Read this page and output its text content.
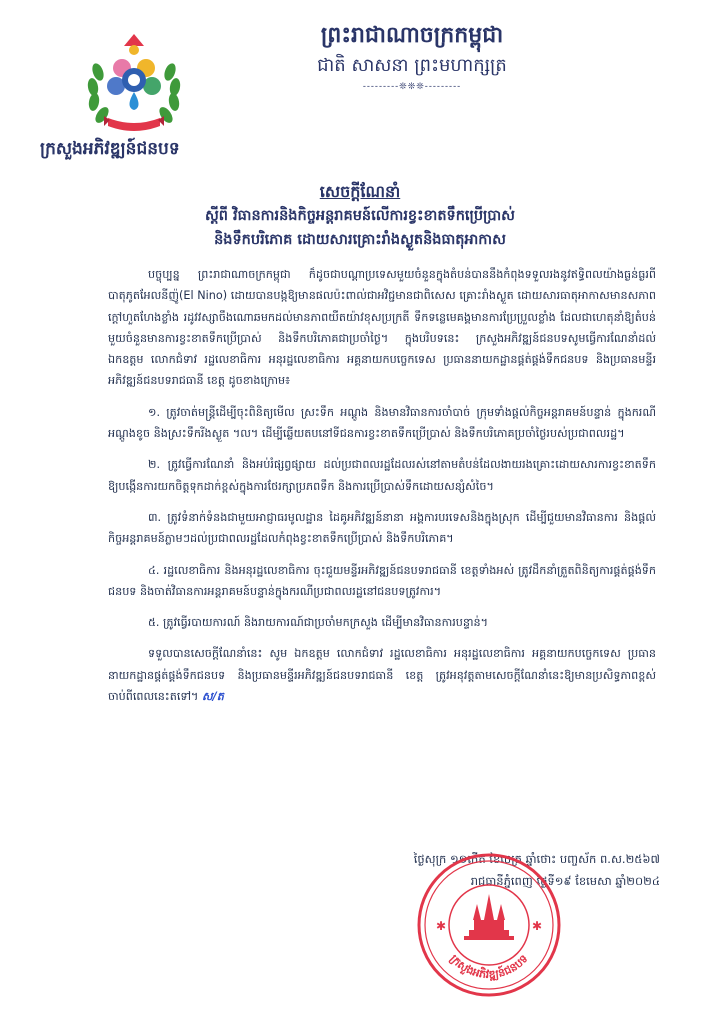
ព្រះរាជាណាចក្រកម្ពុជា
ជាតិ សាសនា ព្រះមហាក្សត្រ
---------❊❊❊---------
ក្រសួងអភិវឌ្ឍន៍ជនបទ
សេចក្ដីណែនាំ
ស្ដីពី វិធានការនិងកិច្ចអន្តរាគមន៍លើការខ្វះខាតទឹកប្រើប្រាស់
និងទឹកបរិភោគ ដោយសារគ្រោះរាំងស្ងួតនិងធាតុអាកាស

បច្ចុប្បន្ន ព្រះរាជាណាចក្រកម្ពុជា ក៏ដូចជាបណ្ដាប្រទេសមួយចំនួនក្នុងតំបន់បាននឹងកំពុងទទួលរងនូវឥទ្ធិពលយ៉ាងធ្ងន់ធ្ងរពីបាតុភូតអែលនីញ៉ូ(El Nino) ដោយបានបង្កឱ្យមានផលប៉ះពាល់ជាអវិជ្ជមានជាពិសេស គ្រោះរាំងស្ងួត ដោយសារធាតុអាកាសមានសភាពក្ដៅហួតហែងខ្លាំង រដូវវស្សាចឹងណោឆមកដល់មានភាពយឺតយ៉ាវខុសប្រក្រតី ទឹកទន្លេមេគង្គមានការប្រែប្រួលខ្លាំង ដែលជាហេតុនាំឱ្យតំបន់មួយចំនួនមានការខ្វះខាតទឹកប្រើប្រាស់ និងទឹកបរិភោគជាប្រចាំថ្ងៃ។ ក្នុងបរិបទនេះ ក្រសួងអភិវឌ្ឍន៍ជនបទសូមធ្វើការណែនាំដល់ ឯកឧត្ដម លោកជំទាវ រដ្ឋលេខាធិការ អនុរដ្ឋលេខាធិការ អគ្គនាយកបច្ចេកទេស ប្រធាននាយកដ្ឋានផ្គត់ផ្គង់ទឹកជនបទ និងប្រធានមន្ទីរអភិវឌ្ឍន៍ជនបទរាជធានី ខេត្ត ដូចខាងក្រោម៖

១. ត្រូវចាត់មន្ត្រីដើម្បីចុះពិនិត្យមើល ស្រះទឹក អណ្ដូង និងមានវិធានការចាំបាច់ ក្រុមទាំងផ្ដល់កិច្ចអន្តរាគមន៍បន្ទាន់ ក្នុងករណីអណ្ដូងខូច និងស្រះទឹករីងស្ងួត ។ល។ ដើម្បីឆ្លើយតបនៅទីជនការខ្វះខាតទឹកប្រើប្រាស់ និងទឹកបរិភោគប្រចាំថ្ងៃរបស់ប្រជាពលរដ្ឋ។

២. ត្រូវធ្វើការណែនាំ និងអប់រំផ្សព្វផ្សាយ ដល់ប្រជាពលរដ្ឋដែលរស់នៅតាមតំបន់ដែលងាយរងគ្រោះដោយសារការខ្វះខាតទឹក ឱ្យបង្កើនការយកចិត្តទុកដាក់ខ្ពស់ក្នុងការថែរក្សាប្រភពទឹក និងការប្រើប្រាស់ទឹកដោយសន្សំសំចៃ។

៣. ត្រូវទំនាក់ទំនងជាមួយអាជ្ញាធរមូលដ្ឋាន ដៃគូអភិវឌ្ឍន៍នានា អង្គការបរទេសនិងក្នុងស្រុក ដើម្បីជួយមានវិធានការ និងផ្ដល់កិច្ចអន្តរាគមន៍ភ្លាមៗដល់ប្រជាពលរដ្ឋដែលកំពុងខ្វះខាតទឹកប្រើប្រាស់ និងទឹកបរិភោគ។

៤. រដ្ឋលេខាធិការ និងអនុរដ្ឋលេខាធិការ ចុះជួយមន្ទីរអភិវឌ្ឍន៍ជនបទរាជធានី ខេត្តទាំងអស់ ត្រូវដឹកនាំត្រួតពិនិត្យការផ្គត់ផ្គង់ទឹកជនបទ និងចាត់វិធានការអន្តរាគមន៍បន្ទាន់ក្នុងករណីប្រជាពលរដ្ឋនៅជនបទត្រូវការ។

៥. ត្រូវធ្វើរបាយការណ៍ និងរាយការណ៍ជាប្រចាំមកក្រសួង ដើម្បីមានវិធានការបន្ទាន់។

ទទួលបានសេចក្ដីណែនាំនេះ សូម ឯកឧត្ដម លោកជំទាវ រដ្ឋលេខាធិការ អនុរដ្ឋលេខាធិការ អគ្គនាយកបច្ចេកទេស ប្រធាននាយកដ្ឋានផ្គត់ផ្គង់ទឹកជនបទ និងប្រធានមន្ទីរអភិវឌ្ឍន៍ជនបទរាជធានី ខេត្ត ត្រូវអនុវត្តតាមសេចក្ដីណែនាំនេះឱ្យមានប្រសិទ្ធភាពខ្ពស់ ចាប់ពីពេលនេះតទៅ។ ស/ត

ថ្ងៃសុក្រ ១១កើត ខែចេត្រ ឆ្នាំថោះ បញ្ចស័ក ព.ស.២៥៦៧
រាជធានីភ្នំពេញ ថ្ងៃទី១៩ ខែមេសា ឆ្នាំ២០២៤
✱	✱
ក្រសួងអភិវឌ្ឍន៍ជនបទ
